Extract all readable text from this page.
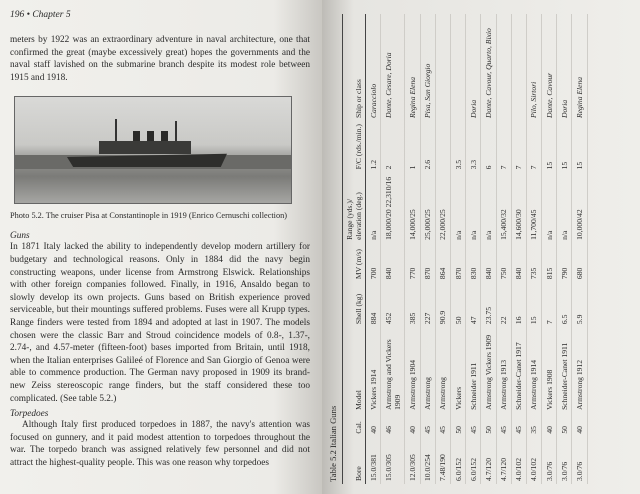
196 • Chapter 5

meters by 1922 was an extraordinary adventure in naval architecture, one that confirmed the great (maybe excessively great) hopes the governments and the naval staff lavished on the submarine branch despite its modest role between 1915 and 1918.

Photo 5.2. The cruiser Pisa at Constantinople in 1919 (Enrico Cernuschi collection)

Guns

In 1871 Italy lacked the ability to independently develop modern artillery for budgetary and technological reasons. Only in 1884 did the navy begin constructing weapons, under license from Armstrong Elswick. Relationships with other foreign companies followed. Finally, in 1916, Ansaldo began to slowly develop its own projects. Guns based on British experience proved serviceable, but their mountings suffered problems. Fuses were all Krupp types. Range finders were tested from 1894 and adopted at last in 1907. The models chosen were the classic Barr and Stroud coincidence models of 0.8-, 1.37-, 2.74-, and 4.57-meter (fifteen-foot) bases imported from Britain, until 1918, when the Italian enterprises Galileé of Florence and San Giorgio of Genoa were able to commence production. The German navy proposed in 1909 its brand-new Zeiss stereoscopic range finders, but the staff considered these too complicated. (See table 5.2.)

Torpedoes

Although Italy first produced torpedoes in 1887, the navy's attention was focused on gunnery, and it paid modest attention to torpedoes throughout the war. The torpedo branch was assigned relatively few personnel and did not attract the highest-quality people. This was one reason why torpedoes	Table 5.2 Italian Guns Bore	Cal.	Model	Shell (kg)	MV (m/s)	Range (yds.)/ elevation (deg.)	F/C (rds./min.)	Ship or class
15.0/381	40	Vickers 1914	884	700	n/a	1.2	Caracciolo
15.0/305	46	Armstrong and Vickers 1909	452	840	18,000/20 22,310/16	2	Dante, Cesare, Doria
12.0/305	40	Armstrong 1904	385	770	14,000/25	1	Regina Elena
10.0/254	45	Armstrong	227	870	25,000/25	2.6	Pisa, San Giorgio
7.48/190	45	Armstrong	90.9	864	22,000/25		
6.0/152	50	Vickers	50	870	n/a	3.5	
6.0/152	45	Schneider 1911	47	830	n/a	3.3	Doria
4.7/120	50	Armstrong Vickers 1909	23.75	840	n/a	6	Dante, Cavour, Quarto, Bixio
4.7/120	45	Armstrong 1913	22	750	15,400/32	7	
4.0/102	45	Schneider-Canet 1917	16	840	14,600/30	7	
4.0/102	35	Armstrong 1914	15	735	11,700/45	7	Pilo, Sirtori
3.0/76	40	Vickers 1908	7	815	n/a	15	Dante, Cavour
3.0/76	50	Schneider-Canet 1911	6.5	790	n/a	15	Doria
3.0/76	40	Armstrong 1912	5.9	680	10,000/42	15	Regina Elena
